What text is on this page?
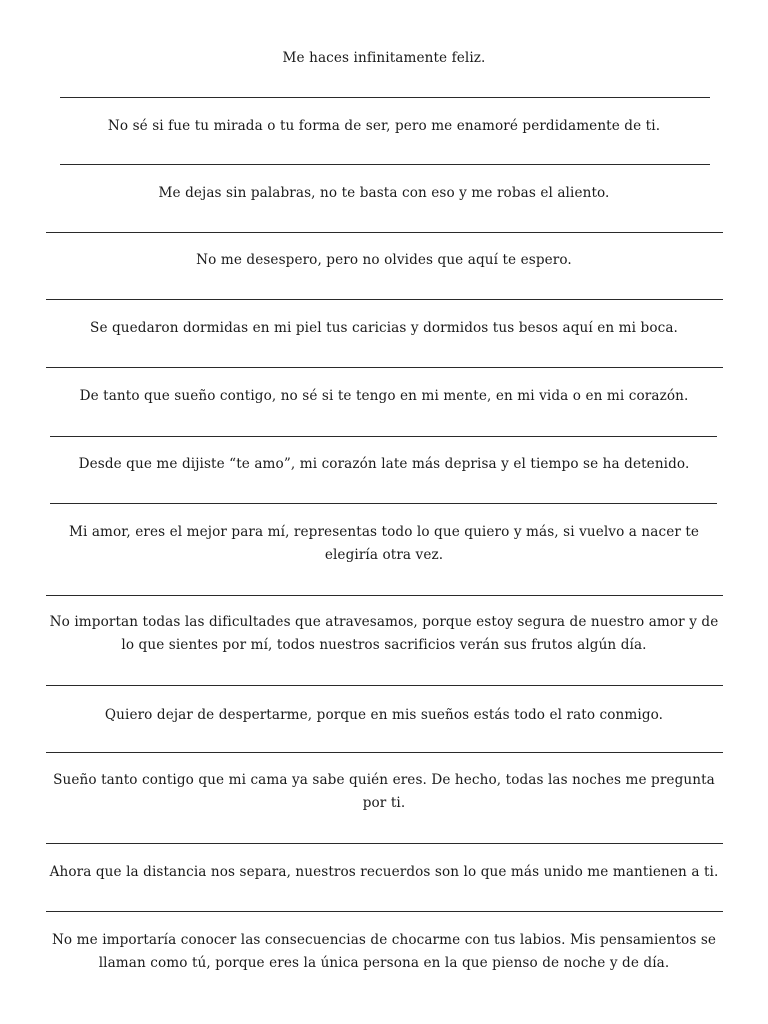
Me haces infinitamente feliz.

No sé si fue tu mirada o tu forma de ser, pero me enamoré perdidamente de ti.

Me dejas sin palabras, no te basta con eso y me robas el aliento.

No me desespero, pero no olvides que aquí te espero.

Se quedaron dormidas en mi piel tus caricias y dormidos tus besos aquí en mi boca.

De tanto que sueño contigo, no sé si te tengo en mi mente, en mi vida o en mi corazón.

Desde que me dijiste “te amo”, mi corazón late más deprisa y el tiempo se ha detenido.

Mi amor, eres el mejor para mí, representas todo lo que quiero y más, si vuelvo a nacer te elegiría otra vez.

No importan todas las dificultades que atravesamos, porque estoy segura de nuestro amor y de lo que sientes por mí, todos nuestros sacrificios verán sus frutos algún día.

Quiero dejar de despertarme, porque en mis sueños estás todo el rato conmigo.

Sueño tanto contigo que mi cama ya sabe quién eres. De hecho, todas las noches me pregunta por ti.

Ahora que la distancia nos separa, nuestros recuerdos son lo que más unido me mantienen a ti.

No me importaría conocer las consecuencias de chocarme con tus labios. Mis pensamientos se llaman como tú, porque eres la única persona en la que pienso de noche y de día.
